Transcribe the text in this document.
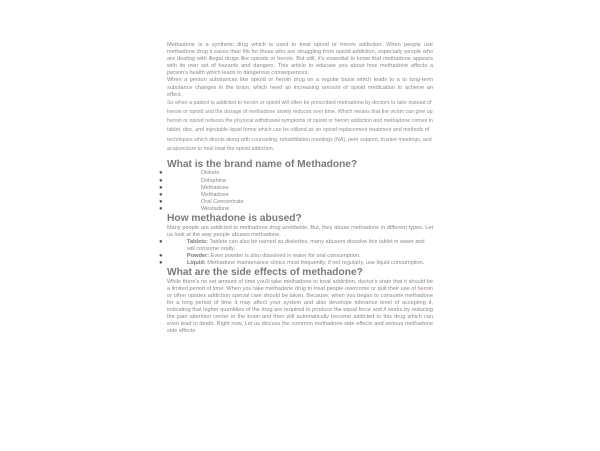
Methadone is a synthetic drug which is used to treat opioid or heroin addiction. When people use methadone drug it saves their life for those who are struggling from opioid addiction, especially people who are dealing with illegal drugs like opioids or heroin. But still, it's essential to know that methadone appears with its own set of hazards and dangers. This article to educate you about how methadone affects a person's health which leads to dangerous consequences.

When a person substances like opioid or heroin drug on a regular basis which leads to a to long-term substance changes in the brain, which need an increasing amount of opioid medication to achieve an effect.

So when a patient is addicted to heroin or opioid will often be prescribed methadone by doctors to take instead of heroin or opioid and the dosage of methadone slowly reduces over time. Which means that the victim can give up heroin or opioid reduces the physical withdrawal symptoms of opioid or heroin addiction and methadone comes in tablet, disc, and injectable liquid forms which can be utilized as an opioid replacement treatment and methods of techniques which directs along with counseling, rehabilitation meetings (NA), peer support, trustee meetings, and acupuncture to heal treat the opioid addiction.

What is the brand name of Methadone?
●	Diskets
●	Dolophine
●	Methadose
●	Methadose
●	Oral Concentrate
●	Westadone
How methadone is abused?

Many people are addicted to methadone drug worldwide. But, they abuse methadone in different types. Let us look at the way people abuses methadone.

●	Tablets: Tablets can also be named as diskettes, many abusers dissolve this tablet in water and will consume orally.
●	Powder: Even powder is also dissolved in water for oral consumption.
●	Liquid: Methadone maintenance clinics most frequently, if not regularly, use liquid consumption.
What are the side effects of methadone?

While there's no set amount of time you'll take methadone to treat addiction, doctor's state that it should be a limited period of time. When you take methadone drug to treat people overcome or quit their use of heroin or other opiates addiction special care should be taken. Because, when you began to consume methadone for a long period of time it may affect your system and also develope tolerance level of accepting it, indicating that higher quantities of the drug are required to produce the equal force and it works by reducing the pain attention center in the brain and then will automatically become addicted to this drug which can even lead to death. Right now, Let us discuss the common methadone side effects and serious methadone side effects
